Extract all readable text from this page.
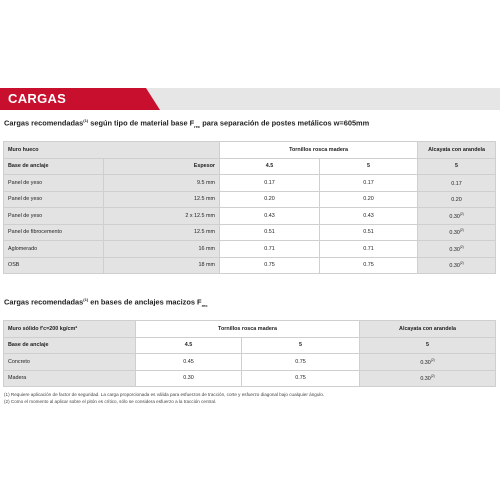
CARGAS
Cargas recomendadas$^{(1)}$ según tipo de material base $F_{rec}$ para separación de postes metálicos w=605mm
Muro hueco		Tornillos rosca madera		Alcayata con arandela
Base de anclaje	Espesor	4.5	5	5
Panel de yeso	9.5 mm	0.17	0.17	0.17
Panel de yeso	12.5 mm	0.20	0.20	0.20
Panel de yeso	2 x 12.5 mm	0.43	0.43	0.30$^{(2)}$
Panel de fibrocemento	12.5 mm	0.51	0.51	0.30$^{(2)}$
Aglomerado	16 mm	0.71	0.71	0.30$^{(2)}$
OSB	18 mm	0.75	0.75	0.30$^{(2)}$
Cargas recomendadas$^{(1)}$ en bases de anclajes macizos $F_{rec}$
Muro sólido f'c=200 kg/cm²	Tornillos rosca madera		Alcayata con arandela
Base de anclaje	4.5	5	5
Concreto	0.45	0.75	0.30$^{(2)}$
Madera	0.30	0.75	0.30$^{(2)}$
(1) Requiere aplicación de factor de seguridad. La carga proporcionada es válida para esfuerzos de tracción, corte y esfuerzo diagonal bajo cualquier ángulo.
(2) Como el momento al aplicar sobre el pitón es crítico, sólo se considera esfuerzo a la tracción central.
